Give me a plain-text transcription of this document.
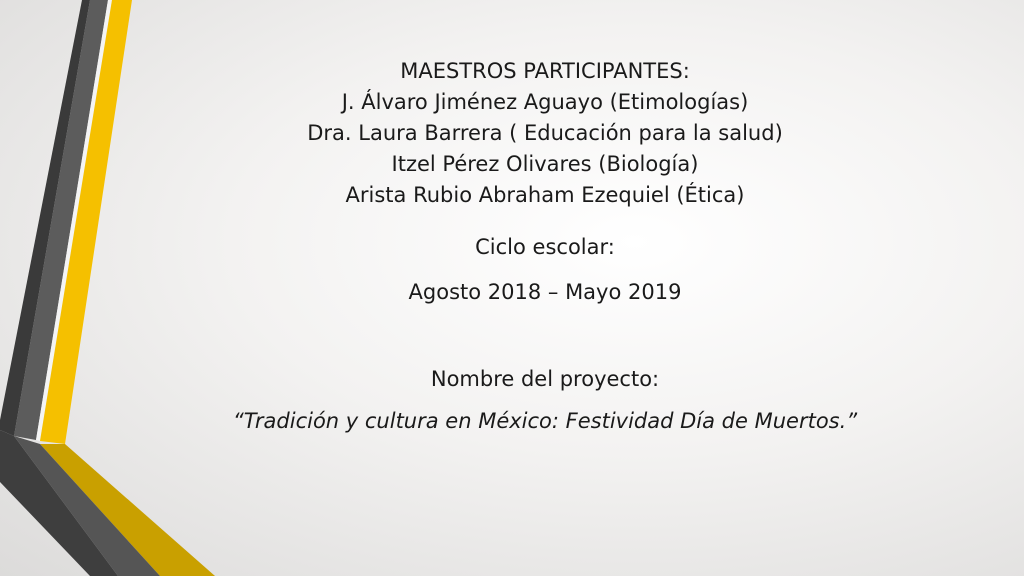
MAESTROS PARTICIPANTES:
J. Álvaro Jiménez Aguayo (Etimologías)
Dra. Laura Barrera ( Educación para la salud)
Itzel Pérez Olivares (Biología)
Arista Rubio Abraham Ezequiel (Ética)
Ciclo escolar:
Agosto 2018 – Mayo 2019
Nombre del proyecto:
“Tradición y cultura en México: Festividad Día de Muertos.”
